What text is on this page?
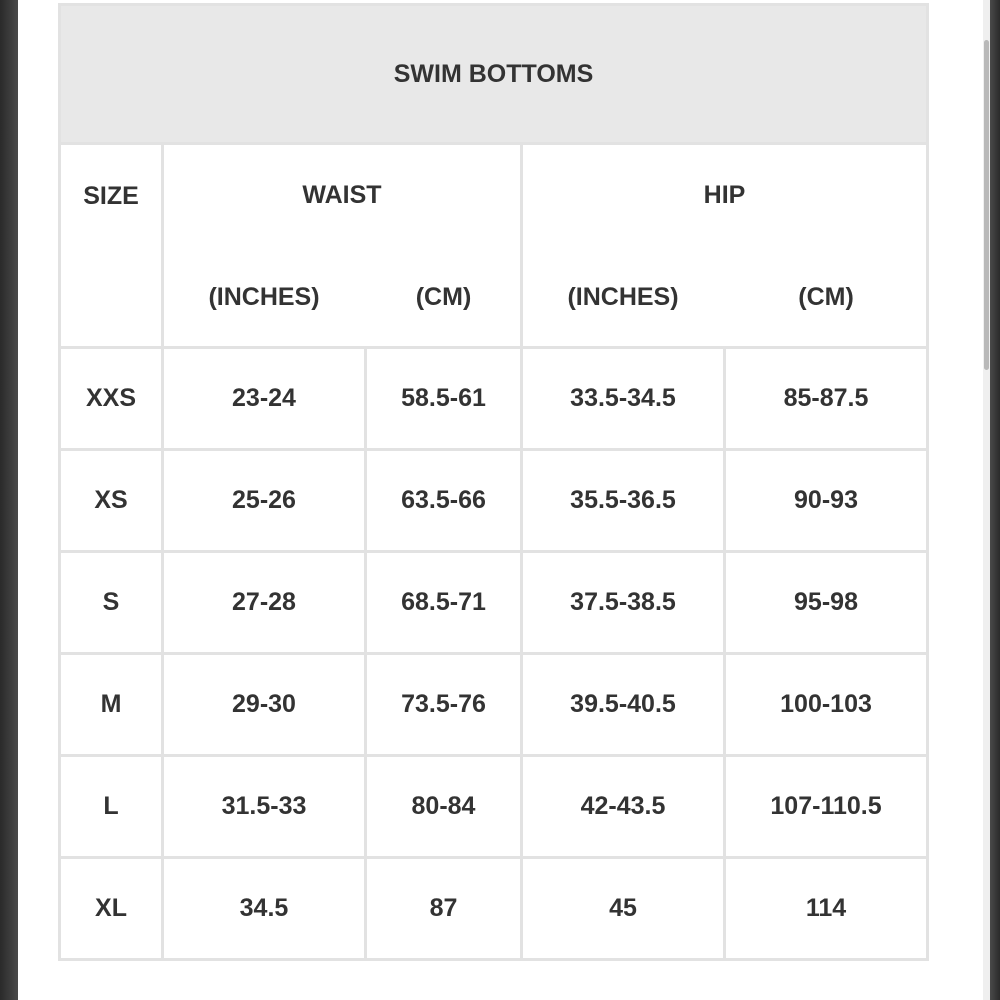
SWIM BOTTOMS				

SIZE	WAIST		HIP	
	(INCHES)	(CM)	(INCHES)	(CM)
XXS	23-24	58.5-61	33.5-34.5	85-87.5
XS	25-26	63.5-66	35.5-36.5	90-93
S	27-28	68.5-71	37.5-38.5	95-98
M	29-30	73.5-76	39.5-40.5	100-103
L	31.5-33	80-84	42-43.5	107-110.5
XL	34.5	87	45	114
